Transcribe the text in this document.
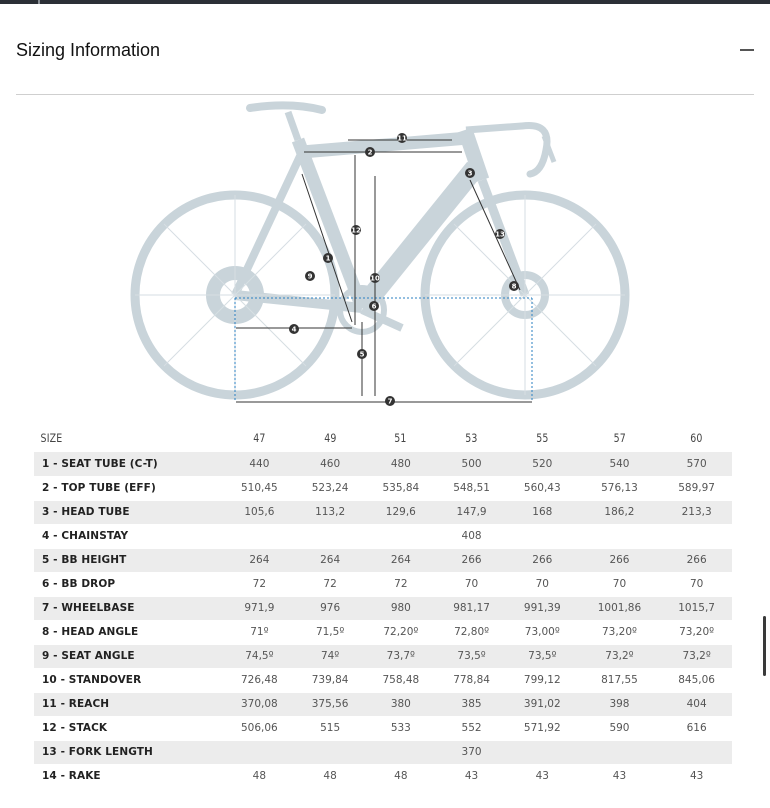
Sizing Information
11
2
3
12	13
1
10
9
8
6
4
5
7
SIZE	47	49	51	53	55	57	60
1 - SEAT TUBE (C-T)	440	460	480	500	520	540	570
2 - TOP TUBE (EFF)	510,45	523,24	535,84	548,51	560,43	576,13	589,97
3 - HEAD TUBE	105,6	113,2	129,6	147,9	168	186,2	213,3
4 - CHAINSTAY				408			
5 - BB HEIGHT	264	264	264	266	266	266	266
6 - BB DROP	72	72	72	70	70	70	70
7 - WHEELBASE	971,9	976	980	981,17	991,39	1001,86	1015,7
8 - HEAD ANGLE	71º	71,5º	72,20º	72,80º	73,00º	73,20º	73,20º
9 - SEAT ANGLE	74,5º	74º	73,7º	73,5º	73,5º	73,2º	73,2º
10 - STANDOVER	726,48	739,84	758,48	778,84	799,12	817,55	845,06
11 - REACH	370,08	375,56	380	385	391,02	398	404
12 - STACK	506,06	515	533	552	571,92	590	616
13 - FORK LENGTH				370			
14 - RAKE	48	48	48	43	43	43	43
